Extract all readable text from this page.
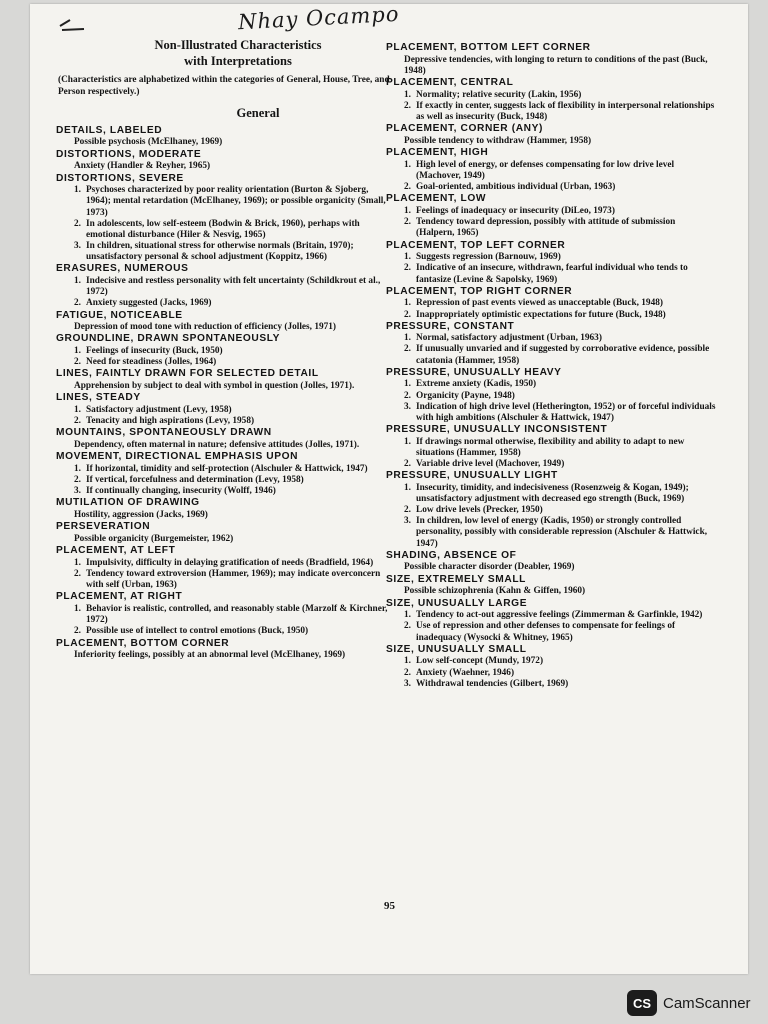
Nhay Ocampo
Non-Illustrated Characteristics
with Interpretations
(Characteristics are alphabetized within the categories of General, House, Tree, and Person respectively.)
General
DETAILS, LABELED
Possible psychosis (McElhaney, 1969)
DISTORTIONS, MODERATE
Anxiety (Handler & Reyher, 1965)
DISTORTIONS, SEVERE
1. Psychoses characterized by poor reality orientation (Burton & Sjoberg, 1964); mental retardation (McElhaney, 1969); or possible organicity (Small, 1973)
2. In adolescents, low self-esteem (Bodwin & Brick, 1960), perhaps with emotional disturbance (Hiler & Nesvig, 1965)
3. In children, situational stress for otherwise normals (Britain, 1970); unsatisfactory personal & school adjustment (Koppitz, 1966)
ERASURES, NUMEROUS
1. Indecisive and restless personality with felt uncertainty (Schildkrout et al., 1972)
2. Anxiety suggested (Jacks, 1969)
FATIGUE, NOTICEABLE
Depression of mood tone with reduction of efficiency (Jolles, 1971)
GROUNDLINE, DRAWN SPONTANEOUSLY
1. Feelings of insecurity (Buck, 1950)
2. Need for steadiness (Jolles, 1964)
LINES, FAINTLY DRAWN FOR SELECTED DETAIL
Apprehension by subject to deal with symbol in question (Jolles, 1971).
LINES, STEADY
1. Satisfactory adjustment (Levy, 1958)
2. Tenacity and high aspirations (Levy, 1958)
MOUNTAINS, SPONTANEOUSLY DRAWN
Dependency, often maternal in nature; defensive attitudes (Jolles, 1971).
MOVEMENT, DIRECTIONAL EMPHASIS UPON
1. If horizontal, timidity and self-protection (Alschuler & Hattwick, 1947)
2. If vertical, forcefulness and determination (Levy, 1958)
3. If continually changing, insecurity (Wolff, 1946)
MUTILATION OF DRAWING
Hostility, aggression (Jacks, 1969)
PERSEVERATION
Possible organicity (Burgemeister, 1962)
PLACEMENT, AT LEFT
1. Impulsivity, difficulty in delaying gratification of needs (Bradfield, 1964)
2. Tendency toward extroversion (Hammer, 1969); may indicate overconcern with self (Urban, 1963)
PLACEMENT, AT RIGHT
1. Behavior is realistic, controlled, and reasonably stable (Marzolf & Kirchner, 1972)
2. Possible use of intellect to control emotions (Buck, 1950)
PLACEMENT, BOTTOM CORNER
Inferiority feelings, possibly at an abnormal level (McElhaney, 1969)
PLACEMENT, BOTTOM LEFT CORNER
Depressive tendencies, with longing to return to conditions of the past (Buck, 1948)
PLACEMENT, CENTRAL
1. Normality; relative security (Lakin, 1956)
2. If exactly in center, suggests lack of flexibility in interpersonal relationships as well as insecurity (Buck, 1948)
PLACEMENT, CORNER (ANY)
Possible tendency to withdraw (Hammer, 1958)
PLACEMENT, HIGH
1. High level of energy, or defenses compensating for low drive level (Machover, 1949)
2. Goal-oriented, ambitious individual (Urban, 1963)
PLACEMENT, LOW
1. Feelings of inadequacy or insecurity (DiLeo, 1973)
2. Tendency toward depression, possibly with attitude of submission (Halpern, 1965)
PLACEMENT, TOP LEFT CORNER
1. Suggests regression (Barnouw, 1969)
2. Indicative of an insecure, withdrawn, fearful individual who tends to fantasize (Levine & Sapolsky, 1969)
PLACEMENT, TOP RIGHT CORNER
1. Repression of past events viewed as unacceptable (Buck, 1948)
2. Inappropriately optimistic expectations for future (Buck, 1948)
PRESSURE, CONSTANT
1. Normal, satisfactory adjustment (Urban, 1963)
2. If unusually unvaried and if suggested by corroborative evidence, possible catatonia (Hammer, 1958)
PRESSURE, UNUSUALLY HEAVY
1. Extreme anxiety (Kadis, 1950)
2. Organicity (Payne, 1948)
3. Indication of high drive level (Hetherington, 1952) or of forceful individuals with high ambitions (Alschuler & Hattwick, 1947)
PRESSURE, UNUSUALLY INCONSISTENT
1. If drawings normal otherwise, flexibility and ability to adapt to new situations (Hammer, 1958)
2. Variable drive level (Machover, 1949)
PRESSURE, UNUSUALLY LIGHT
1. Insecurity, timidity, and indecisiveness (Rosenzweig & Kogan, 1949); unsatisfactory adjustment with decreased ego strength (Buck, 1969)
2. Low drive levels (Precker, 1950)
3. In children, low level of energy (Kadis, 1950) or strongly controlled personality, possibly with considerable repression (Alschuler & Hattwick, 1947)
SHADING, ABSENCE OF
Possible character disorder (Deabler, 1969)
SIZE, EXTREMELY SMALL
Possible schizophrenia (Kahn & Giffen, 1960)
SIZE, UNUSUALLY LARGE
1. Tendency to act-out aggressive feelings (Zimmerman & Garfinkle, 1942)
2. Use of repression and other defenses to compensate for feelings of inadequacy (Wysocki & Whitney, 1965)
SIZE, UNUSUALLY SMALL
1. Low self-concept (Mundy, 1972)
2. Anxiety (Waehner, 1946)
3. Withdrawal tendencies (Gilbert, 1969)
95
CS CamScanner
